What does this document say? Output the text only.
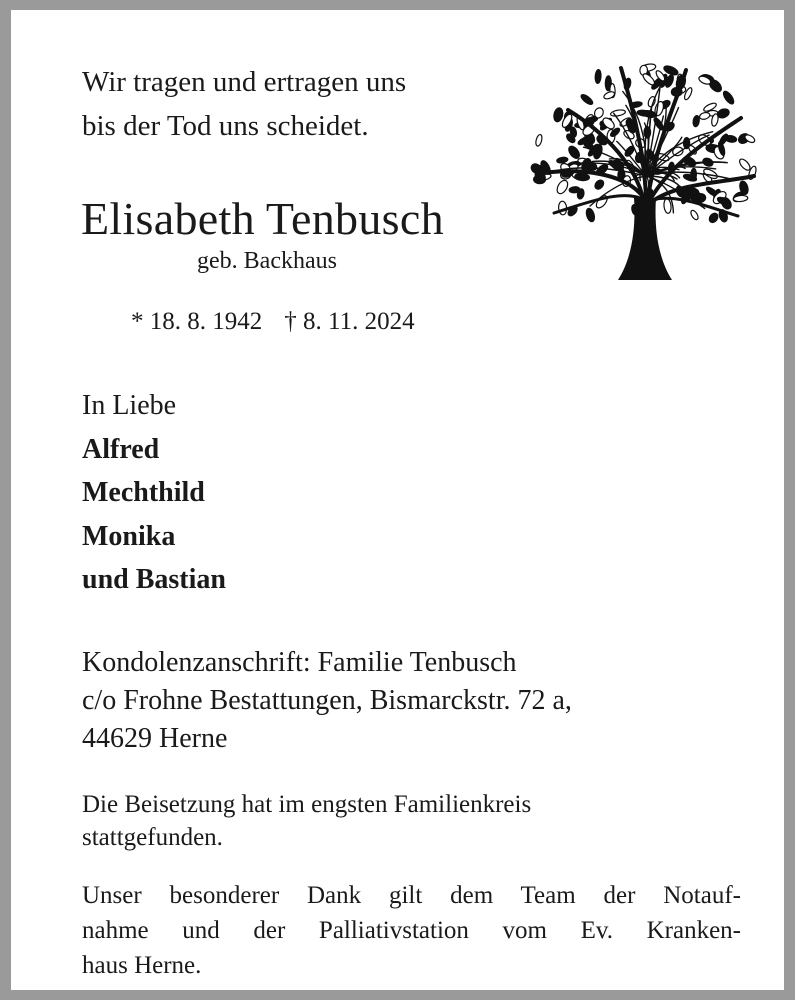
Wir tragen und ertragen uns
bis der Tod uns scheidet.
Elisabeth Tenbusch
geb. Backhaus
* 18. 8. 1942 † 8. 11. 2024
In Liebe
Alfred
Mechthild
Monika
und Bastian
Kondolenzanschrift: Familie Tenbusch
c/o Frohne Bestattungen, Bismarckstr. 72 a,
44629 Herne
Die Beisetzung hat im engsten Familienkreis
stattgefunden.
Unser besonderer Dank gilt dem Team der Notauf-
nahme und der Palliativstation vom Ev. Kranken-
haus Herne.
